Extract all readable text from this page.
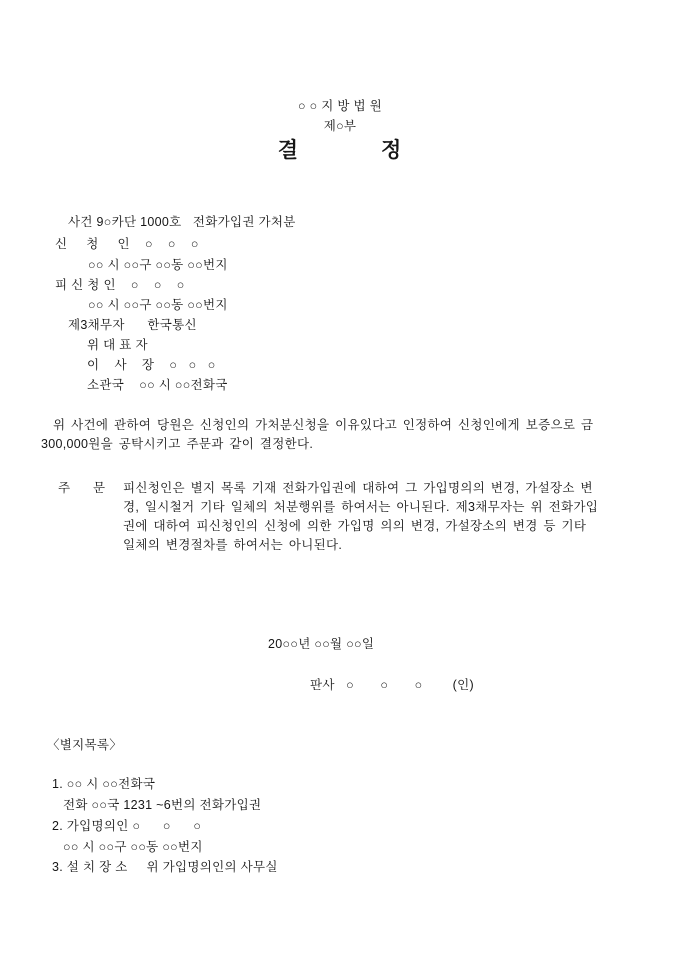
○ ○ 지 방 법 원
제○부
결            정
사건 9○카단 1000호   전화가입권 가처분
신     청     인    ○    ○    ○
○○ 시 ○○구 ○○동 ○○번지
피 신 청 인    ○    ○    ○
○○ 시 ○○구 ○○동 ○○번지
제3채무자      한국통신
위 대 표 자
이    사    장    ○   ○   ○
소관국    ○○ 시 ○○전화국
위 사건에 관하여 당원은 신청인의 가처분신청을 이유있다고 인정하여 신청인에게 보증으로 금
300,000원을 공탁시키고 주문과 같이 결정한다.
주      문 피신청인은 별지 목록 기재 전화가입권에 대하여 그 가입명의의 변경, 가설장소 변
경, 일시철거 기타 일체의 처분행위를 하여서는 아니된다. 제3채무자는 위 전화가입
권에 대하여 피신청인의 신청에 의한 가입명 의의 변경, 가설장소의 변경 등 기타
일체의 변경절차를 하여서는 아니된다.
20○○년 ○○월 ○○일
판사   ○       ○       ○        (인)
〈별지목록〉
1. ○○ 시 ○○전화국
전화 ○○국 1231 ~6번의 전화가입권
2. 가입명의인 ○      ○      ○
○○ 시 ○○구 ○○동 ○○번지
3. 설 치 장 소     위 가입명의인의 사무실
